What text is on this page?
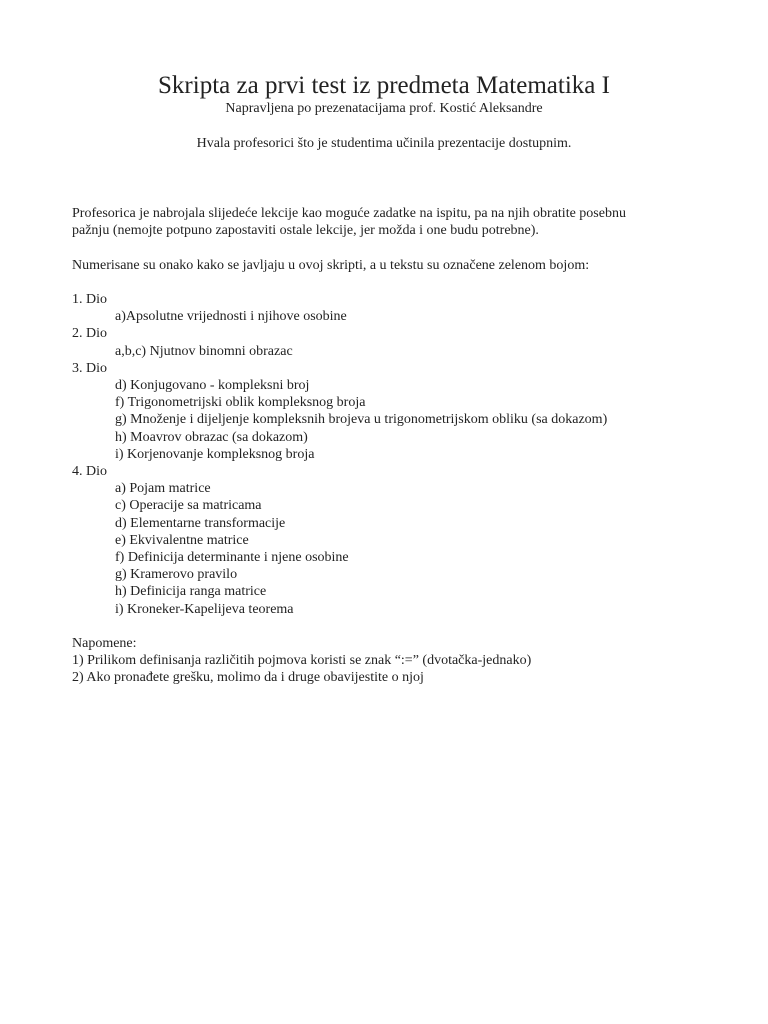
Skripta za prvi test iz predmeta Matematika I
Napravljena po prezenatacijama prof. Kostić Aleksandre
Hvala profesorici što je studentima učinila prezentacije dostupnim.
Profesorica je nabrojala slijedeće lekcije kao moguće zadatke na ispitu, pa na njih obratite posebnu
pažnju (nemojte potpuno zapostaviti ostale lekcije, jer možda i one budu potrebne).
Numerisane su onako kako se javljaju u ovoj skripti, a u tekstu su označene zelenom bojom:
1. Dio
a)Apsolutne vrijednosti i njihove osobine
2. Dio
a,b,c) Njutnov binomni obrazac
3. Dio
d) Konjugovano - kompleksni broj
f) Trigonometrijski oblik kompleksnog broja
g) Množenje i dijeljenje kompleksnih brojeva u trigonometrijskom obliku (sa dokazom)
h) Moavrov obrazac (sa dokazom)
i) Korjenovanje kompleksnog broja
4. Dio
a) Pojam matrice
c) Operacije sa matricama
d) Elementarne transformacije
e) Ekvivalentne matrice
f) Definicija determinante i njene osobine
g) Kramerovo pravilo
h) Definicija ranga matrice
i) Kroneker-Kapelijeva teorema
Napomene:
1) Prilikom definisanja različitih pojmova koristi se znak “:=” (dvotačka-jednako)
2) Ako pronađete grešku, molimo da i druge obavijestite o njoj
